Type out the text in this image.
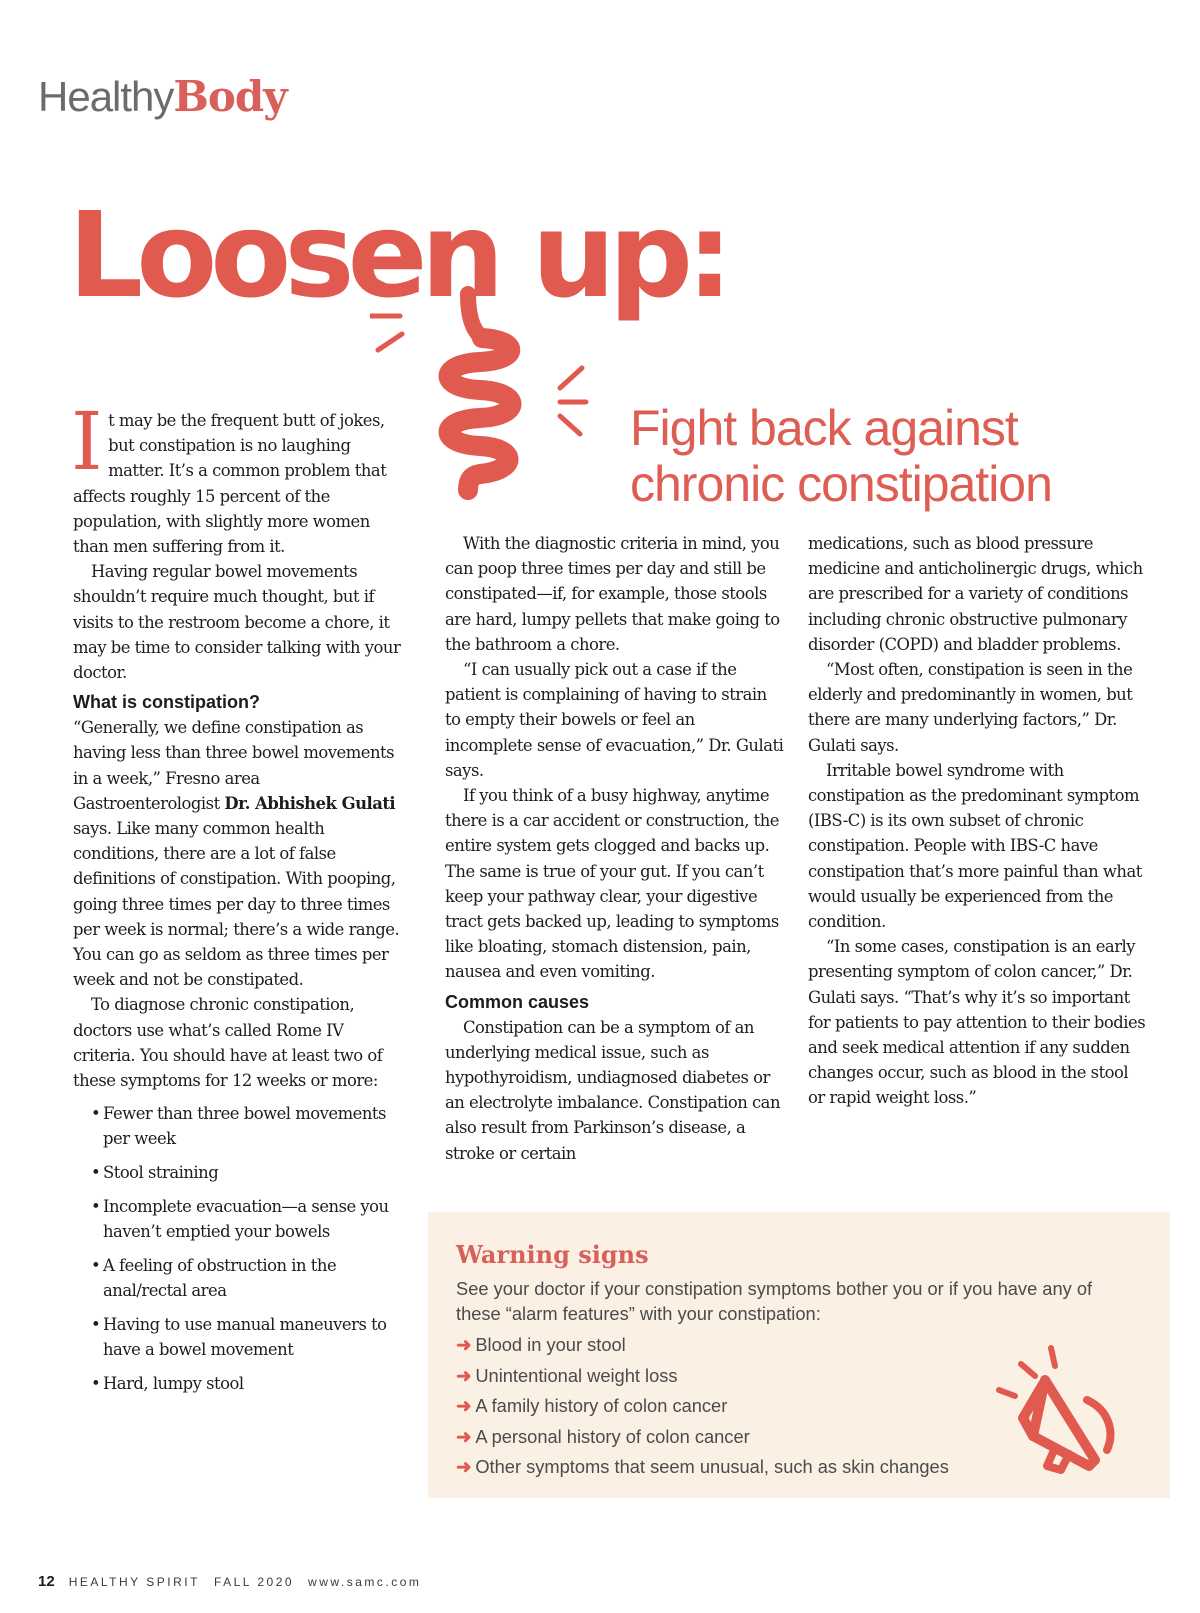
HealthyBody
Loosen up:
Fight back against
chronic constipation

It may be the frequent butt of jokes, but constipation is no laughing matter. It’s a common problem that affects roughly 15 percent of the population, with slightly more women than men suffering from it.

Having regular bowel movements shouldn’t require much thought, but if visits to the restroom become a chore, it may be time to consider talking with your doctor.

What is constipation?

“Generally, we define constipation as having less than three bowel movements in a week,” Fresno area Gastroenterologist Dr. Abhishek Gulati says. Like many common health conditions, there are a lot of false definitions of constipation. With pooping, going three times per day to three times per week is normal; there’s a wide range. You can go as seldom as three times per week and not be constipated.

To diagnose chronic constipation, doctors use what’s called Rome IV criteria. You should have at least two of these symptoms for 12 weeks or more:

• Fewer than three bowel movements per week
• Stool straining
• Incomplete evacuation—a sense you haven’t emptied your bowels
• A feeling of obstruction in the anal/rectal area
• Having to use manual maneuvers to have a bowel movement
• Hard, lumpy stool

With the diagnostic criteria in mind, you can poop three times per day and still be constipated—if, for example, those stools are hard, lumpy pellets that make going to the bathroom a chore.

“I can usually pick out a case if the patient is complaining of having to strain to empty their bowels or feel an incomplete sense of evacuation,” Dr. Gulati says.

If you think of a busy highway, anytime there is a car accident or construction, the entire system gets clogged and backs up. The same is true of your gut. If you can’t keep your pathway clear, your digestive tract gets backed up, leading to symptoms like bloating, stomach distension, pain, nausea and even vomiting.

Common causes

Constipation can be a symptom of an underlying medical issue, such as hypothyroidism, undiagnosed diabetes or an electrolyte imbalance. Constipation can also result from Parkinson’s disease, a stroke or certain

medications, such as blood pressure medicine and anticholinergic drugs, which are prescribed for a variety of conditions including chronic obstructive pulmonary disorder (COPD) and bladder problems.

“Most often, constipation is seen in the elderly and predominantly in women, but there are many underlying factors,” Dr. Gulati says.

Irritable bowel syndrome with constipation as the predominant symptom (IBS-C) is its own subset of chronic constipation. People with IBS-C have constipation that’s more painful than what would usually be experienced from the condition.

“In some cases, constipation is an early presenting symptom of colon cancer,” Dr. Gulati says. “That’s why it’s so important for patients to pay attention to their bodies and seek medical attention if any sudden changes occur, such as blood in the stool or rapid weight loss.”

Warning signs
See your doctor if your constipation symptoms bother you or if you have any of these “alarm features” with your constipation:
➜ Blood in your stool
➜ Unintentional weight loss
➜ A family history of colon cancer
➜ A personal history of colon cancer
➜ Other symptoms that seem unusual, such as skin changes
12 HEALTHY SPIRIT FALL 2020 www.samc.com
